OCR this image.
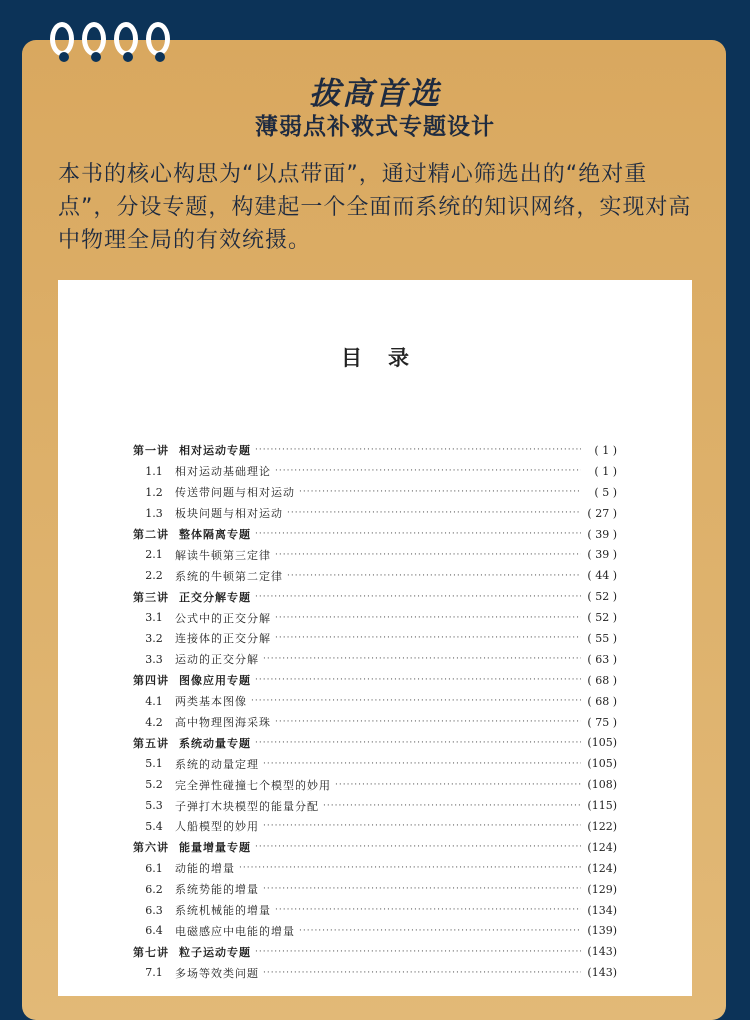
拔高首选
薄弱点补救式专题设计
本书的核心构思为“以点带面”，通过精心筛选出的“绝对重点”，分设专题，构建起一个全面而系统的知识网络，实现对高中物理全局的有效统摄。
目录
第一讲 相对运动专题 ·····	( 1 )
1.1	相对运动基础理论 ·····	( 1 )
1.2	传送带问题与相对运动 ·····	( 5 )
1.3	板块问题与相对运动 ·····	( 27 )
第二讲 整体隔离专题 ·····	( 39 )
2.1	解读牛顿第三定律 ·····	( 39 )
2.2	系统的牛顿第二定律 ·····	( 44 )
第三讲 正交分解专题 ·····	( 52 )
3.1	公式中的正交分解 ·····	( 52 )
3.2	连接体的正交分解 ·····	( 55 )
3.3	运动的正交分解 ·····	( 63 )
第四讲 图像应用专题 ·····	( 68 )
4.1	两类基本图像 ·····	( 68 )
4.2	高中物理图海采珠 ·····	( 75 )
第五讲 系统动量专题 ·····	(105)
5.1	系统的动量定理 ·····	(105)
5.2	完全弹性碰撞七个模型的妙用 ·····	(108)
5.3	子弹打木块模型的能量分配 ·····	(115)
5.4	人船模型的妙用 ·····	(122)
第六讲 能量增量专题 ·····	(124)
6.1	动能的增量 ·····	(124)
6.2	系统势能的增量 ·····	(129)
6.3	系统机械能的增量 ·····	(134)
6.4	电磁感应中电能的增量 ·····	(139)
第七讲 粒子运动专题 ·····	(143)
7.1	多场等效类问题 ·····	(143)
